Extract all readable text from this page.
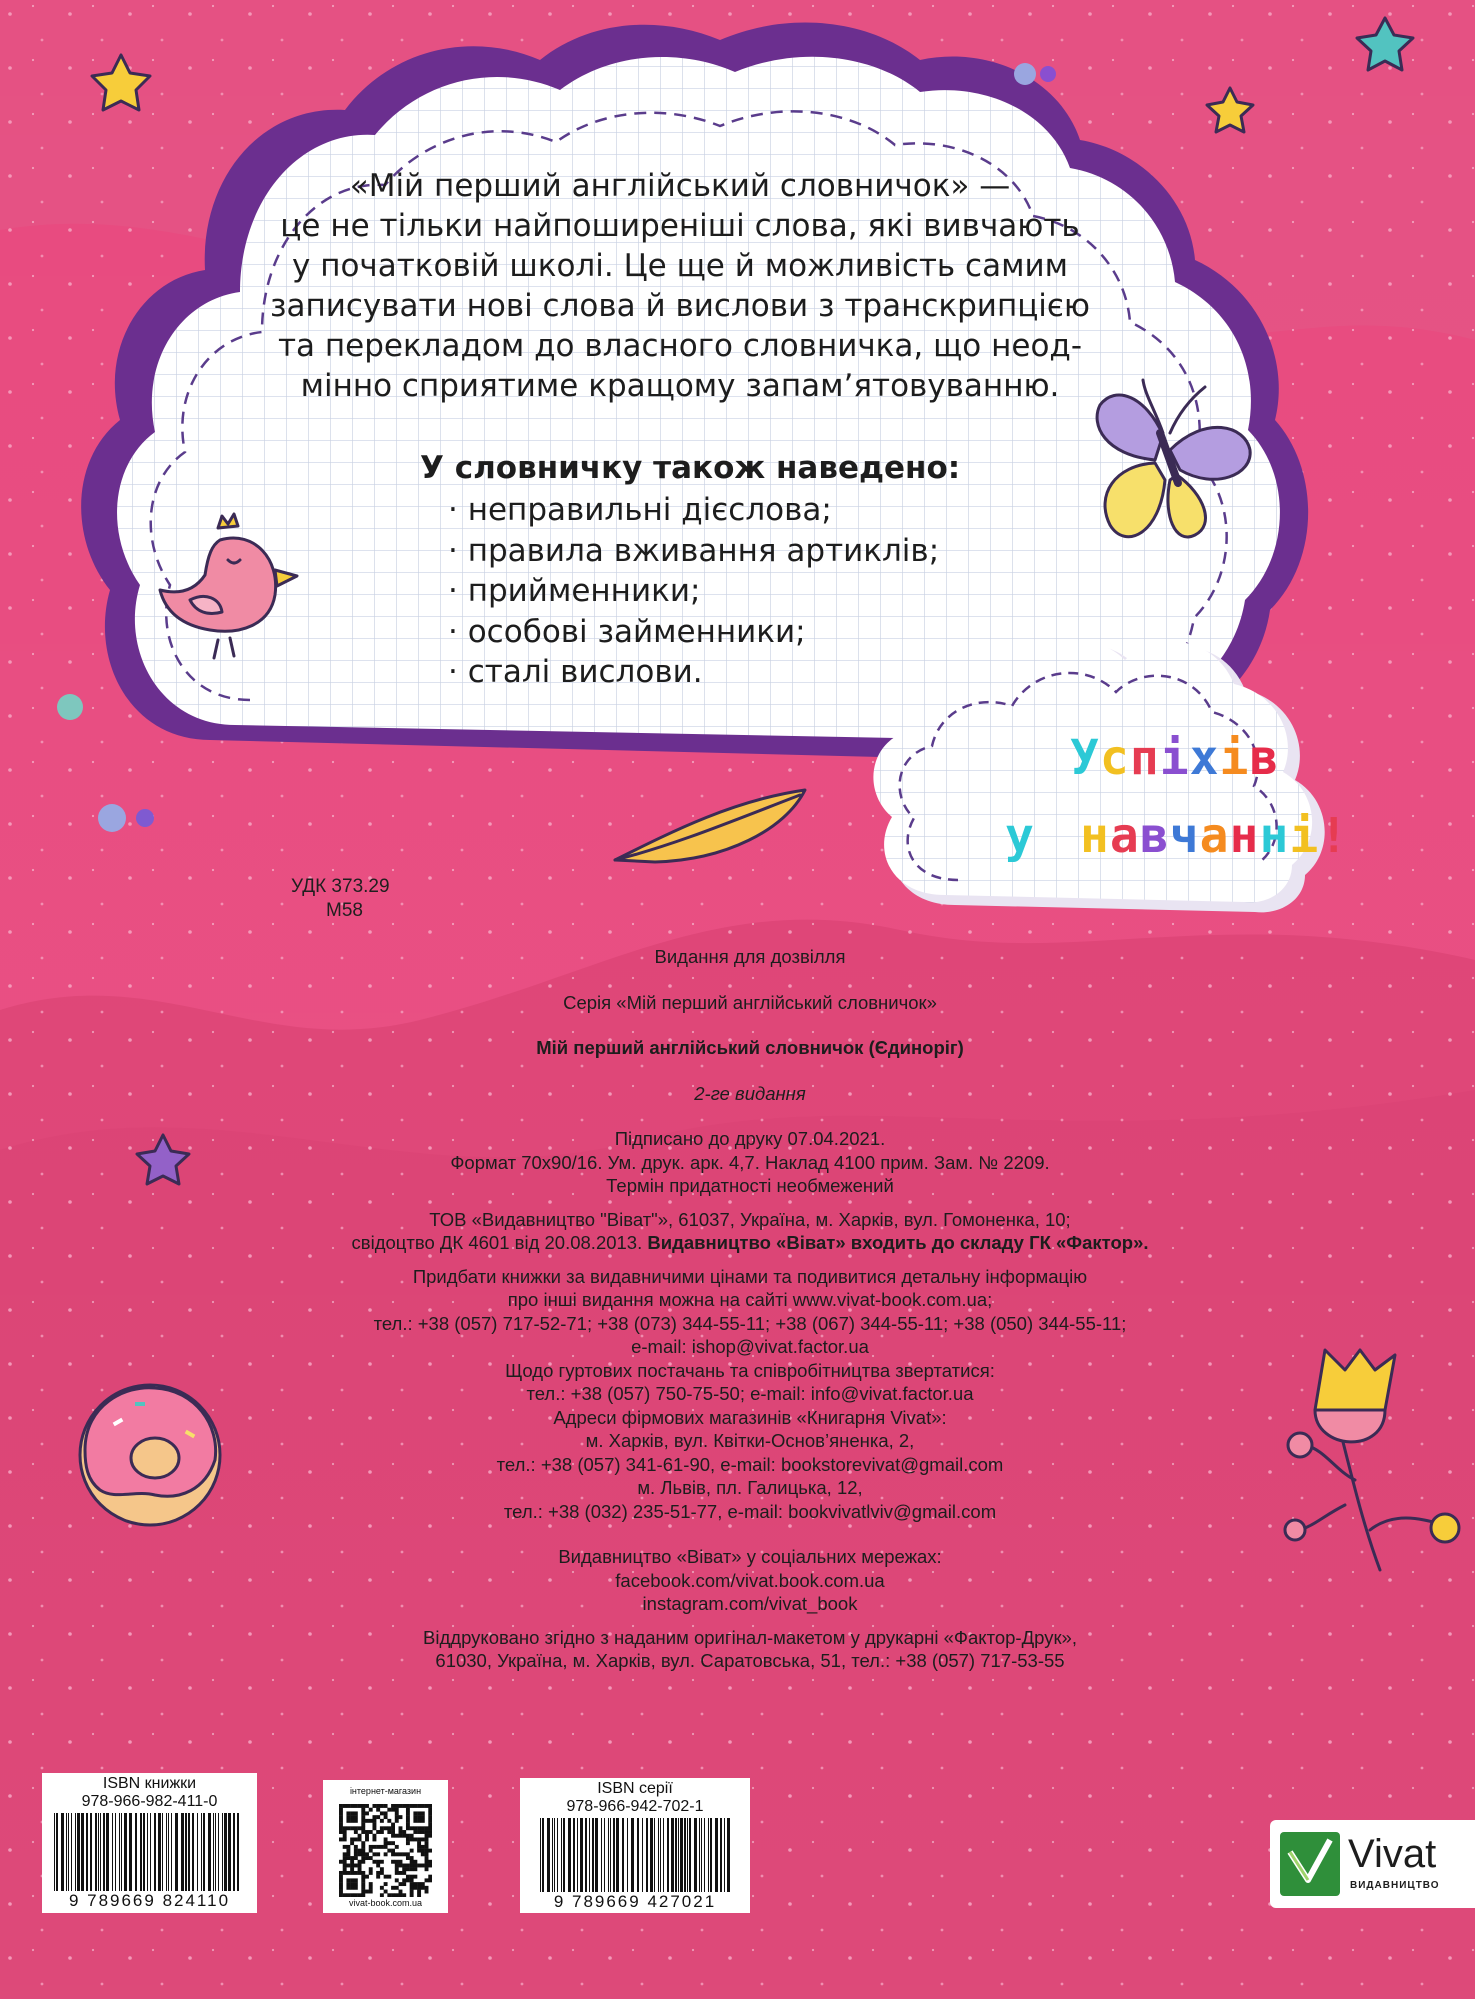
«Мій перший англійський словничок» —
це не тільки найпоширеніші слова, які вивчають
у початковій школі. Це ще й можливість самим
записувати нові слова й вислови з транскрипцією
та перекладом до власного словничка, що неод-
мінно сприятиме кращому запам’ятовуванню.
У словничку також наведено:
· неправильні дієслова;
· правила вживання артиклів;
· прийменники;
· особові займенники;
· сталі вислови.
Успіхів
у навчанні!
УДК 373.29
М58
Видання для дозвілля
Серія «Мій перший англійський словничок»
Мій перший англійський словничок (Єдиноріг)
2-ге видання
Підписано до друку 07.04.2021.
Формат 70х90/16. Ум. друк. арк. 4,7. Наклад 4100 прим. Зам. № 2209.
Термін придатності необмежений
ТОВ «Видавництво "Віват"», 61037, Україна, м. Харків, вул. Гомоненка, 10;
свідоцтво ДК 4601 від 20.08.2013. Видавництво «Віват» входить до складу ГК «Фактор».
Придбати книжки за видавничими цінами та подивитися детальну інформацію
про інші видання можна на сайті www.vivat-book.com.ua;
тел.: +38 (057) 717-52-71; +38 (073) 344-55-11; +38 (067) 344-55-11; +38 (050) 344-55-11;
e-mail: ishop@vivat.factor.ua
Щодо гуртових постачань та співробітництва звертатися:
тел.: +38 (057) 750-75-50; e-mail: info@vivat.factor.ua
Адреси фірмових магазинів «Книгарня Vivat»:
м. Харків, вул. Квітки-Основ’яненка, 2,
тел.: +38 (057) 341-61-90, e-mail: bookstorevivat@gmail.com
м. Львів, пл. Галицька, 12,
тел.: +38 (032) 235-51-77, e-mail: bookvivatlviv@gmail.com
Видавництво «Віват» у соціальних мережах:
facebook.com/vivat.book.com.ua
instagram.com/vivat_book
Віддруковано згідно з наданим оригінал-макетом у друкарні «Фактор-Друк»,
61030, Україна, м. Харків, вул. Саратовська, 51, тел.: +38 (057) 717-53-55
ISBN книжки
978-966-982-411-0
9 789669 824110
інтернет-магазин
vivat-book.com.ua
ISBN серії
978-966-942-702-1
9 789669 427021
Vivat
ВИДАВНИЦТВО
